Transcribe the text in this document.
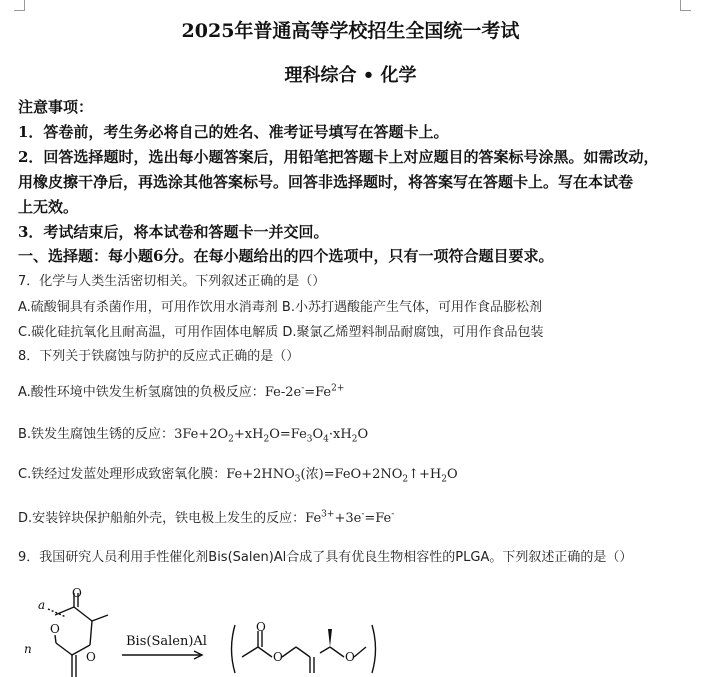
2025年普通高等学校招生全国统一考试
理科综合 • 化学
注意事项：
1．答卷前，考生务必将自己的姓名、准考证号填写在答题卡上。
2．回答选择题时，选出每小题答案后，用铅笔把答题卡上对应题目的答案标号涂黑。如需改动，
用橡皮擦干净后，再选涂其他答案标号。回答非选择题时，将答案写在答题卡上。写在本试卷
上无效。
3．考试结束后，将本试卷和答题卡一并交回。
一、选择题：每小题6分。在每小题给出的四个选项中，只有一项符合题目要求。
7．化学与人类生活密切相关。下列叙述正确的是（）
A.硫酸铜具有杀菌作用，可用作饮用水消毒剂 B.小苏打遇酸能产生气体，可用作食品膨松剂
C.碳化硅抗氧化且耐高温，可用作固体电解质 D.聚氯乙烯塑料制品耐腐蚀，可用作食品包装
8．下列关于铁腐蚀与防护的反应式正确的是（）
A.酸性环境中铁发生析氢腐蚀的负极反应：$Fe-2e^-=Fe^{2+}$
B.铁发生腐蚀生锈的反应：$3Fe+2O_2+xH_2O=Fe_3O_4\cdot xH_2O$
C.铁经过发蓝处理形成致密氧化膜：$Fe+2HNO_3$(浓)$=FeO+2NO_2↑+H_2O$
D.安装锌块保护船舶外壳，铁电极上发生的反应：$Fe^{3+}+3e^-=Fe^-$
9．我国研究人员利用手性催化剂Bis(Salen)Al合成了具有优良生物相容性的PLGA。下列叙述正确的是（）
a
O
O
O
n
O
O	O
Bis(Salen)Al
